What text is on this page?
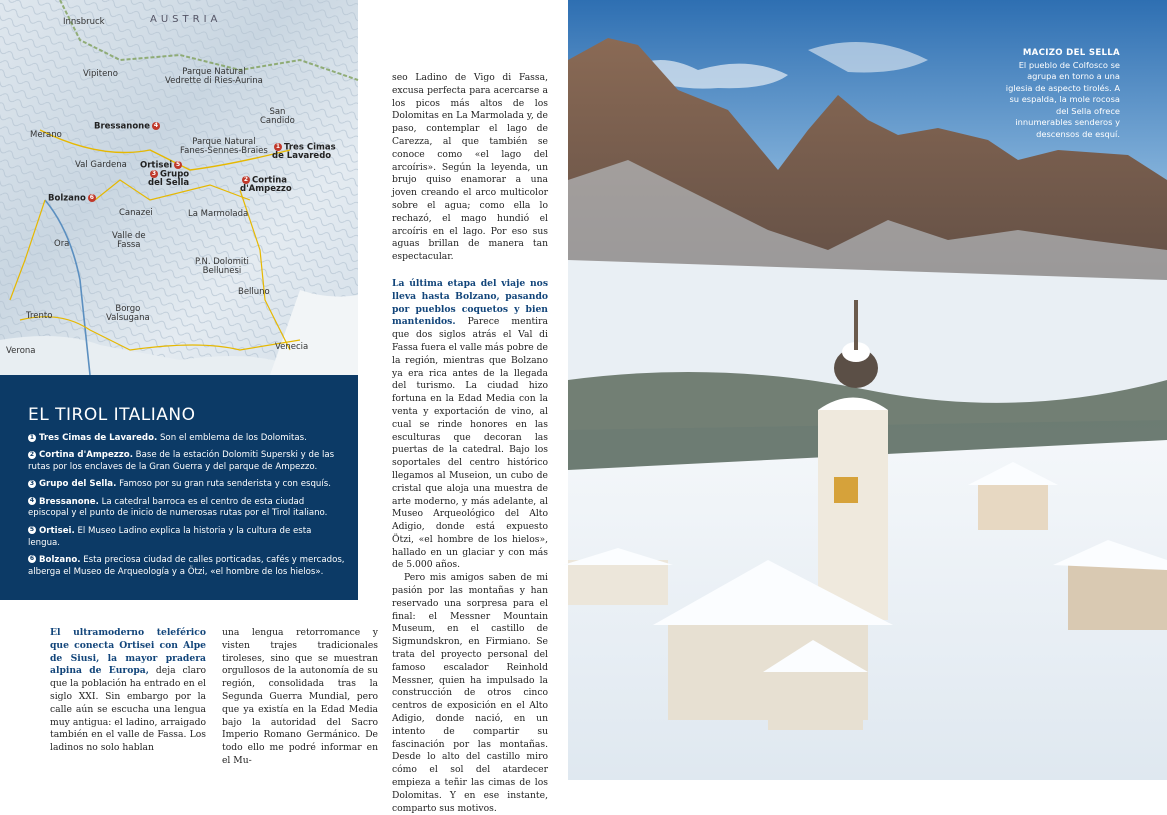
Innsbruck	AUSTRIA
Vipiteno	Parque Natural
Vedrette di Ries-Aurina
Merano
Bressanone 4
San
Candido
1 Tres Cimas
de Lavaredo
Parque Natural
Fanes-Sennes-Braies
Val Gardena Ortisei 5
2 Cortina
d'Ampezzo
Bolzano 6
3 Grupo
del Sella
Canazei	La Marmolada
Valle de
Fassa
Ora
P.N. Dolomiti
Bellunesi
Belluno
Borgo
Valsugana
Trento
Verona	Venecia
EL TIROL ITALIANO
1 Tres Cimas de Lavaredo. Son el emblema de los Dolomitas.
2 Cortina d'Ampezzo. Base de la estación Dolomiti Superski y de las rutas por los enclaves de la Gran Guerra y del parque de Ampezzo.
3 Grupo del Sella. Famoso por su gran ruta senderista y con esquís.
4 Bressanone. La catedral barroca es el centro de esta ciudad episcopal y el punto de inicio de numerosas rutas por el Tirol italiano.
5 Ortisei. El Museo Ladino explica la historia y la cultura de esta lengua.
6 Bolzano. Esta preciosa ciudad de calles porticadas, cafés y mercados, alberga el Museo de Arqueología y a Ötzi, «el hombre de los hielos».

El ultramoderno teleférico que conecta Ortisei con Alpe de Siusi, la mayor pradera alpina de Europa, deja claro que la población ha entrado en el siglo XXI. Sin embargo por la calle aún se escucha una lengua muy antigua: el ladino, arraigado también en el valle de Fassa. Los ladinos no solo hablan

una lengua retorromance y visten trajes tradicionales tiroleses, sino que se muestran orgullosos de la autonomía de su región, consolidada tras la Segunda Guerra Mundial, pero que ya existía en la Edad Media bajo la autoridad del Sacro Imperio Romano Germánico. De todo ello me podré informar en el Mu-

seo Ladino de Vigo di Fassa, excusa perfecta para acercarse a los picos más altos de los Dolomitas en La Marmolada y, de paso, contemplar el lago de Carezza, al que también se conoce como «el lago del arcoíris». Según la leyenda, un brujo quiso enamorar a una joven creando el arco multicolor sobre el agua; como ella lo rechazó, el mago hundió el arcoíris en el lago. Por eso sus aguas brillan de manera tan espectacular.

La última etapa del viaje nos lleva hasta Bolzano, pasando por pueblos coquetos y bien mantenidos. Parece mentira que dos siglos atrás el Val di Fassa fuera el valle más pobre de la región, mientras que Bolzano ya era rica antes de la llegada del turismo. La ciudad hizo fortuna en la Edad Media con la venta y exportación de vino, al cual se rinde honores en las esculturas que decoran las puertas de la catedral. Bajo los soportales del centro histórico llegamos al Museion, un cubo de cristal que aloja una muestra de arte moderno, y más adelante, al Museo Arqueológico del Alto Adigio, donde está expuesto Ötzi, «el hombre de los hielos», hallado en un glaciar y con más de 5.000 años.

Pero mis amigos saben de mi pasión por las montañas y han reservado una sorpresa para el final: el Messner Mountain Museum, en el castillo de Sigmundskron, en Firmiano. Se trata del proyecto personal del famoso escalador Reinhold Messner, quien ha impulsado la construcción de otros cinco centros de exposición en el Alto Adigio, donde nació, en un intento de compartir su fascinación por las montañas. Desde lo alto del castillo miro cómo el sol del atardecer empieza a teñir las cimas de los Dolomitas. Y en ese instante, comparto sus motivos.

MACIZO DEL SELLA
El pueblo de Colfosco se agrupa en torno a una iglesia de aspecto tirolés. A su espalda, la mole rocosa del Sella ofrece innumerables senderos y descensos de esquí.
